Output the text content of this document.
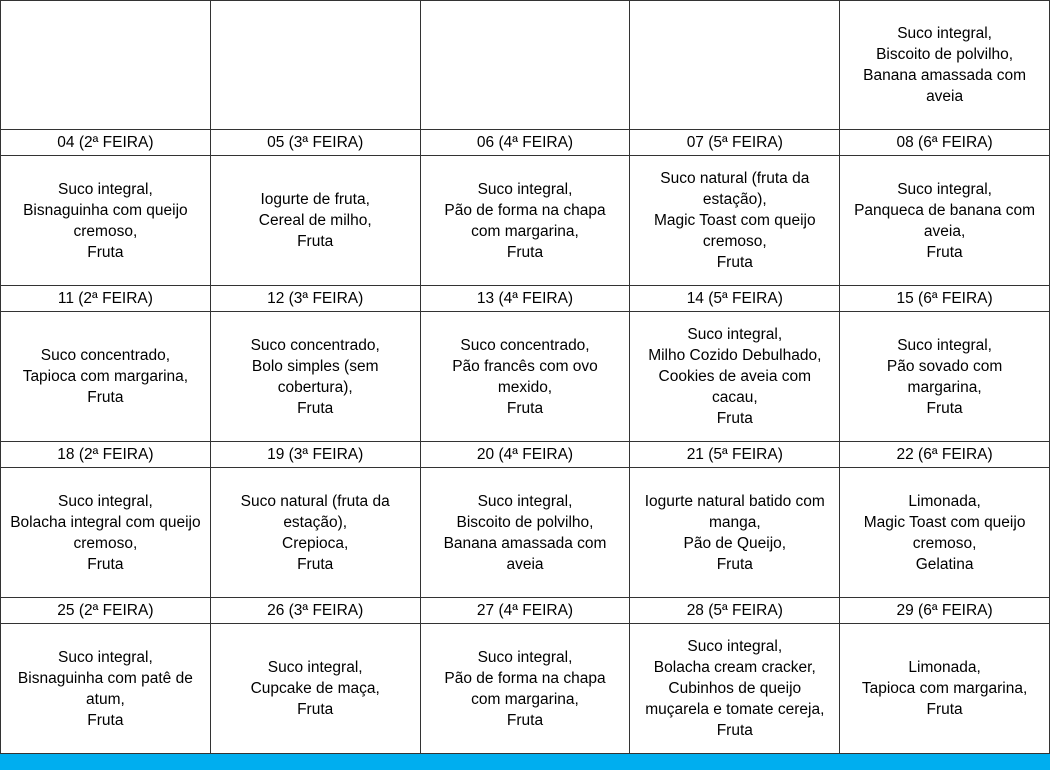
				Suco integral,
Biscoito de polvilho,
Banana amassada com
aveia

04 (2ª FEIRA)	05 (3ª FEIRA)	06 (4ª FEIRA)	07 (5ª FEIRA)	08 (6ª FEIRA)

Suco integral,
Bisnaguinha com queijo
cremoso,
Fruta	Iogurte de fruta,
Cereal de milho,
Fruta	Suco integral,
Pão de forma na chapa
com margarina,
Fruta	Suco natural (fruta da
estação),
Magic Toast com queijo
cremoso,
Fruta	Suco integral,
Panqueca de banana com
aveia,
Fruta

11 (2ª FEIRA)	12 (3ª FEIRA)	13 (4ª FEIRA)	14 (5ª FEIRA)	15 (6ª FEIRA)

Suco concentrado,
Tapioca com margarina,
Fruta	Suco concentrado,
Bolo simples (sem
cobertura),
Fruta	Suco concentrado,
Pão francês com ovo
mexido,
Fruta	Suco integral,
Milho Cozido Debulhado,
Cookies de aveia com
cacau,
Fruta	Suco integral,
Pão sovado com
margarina,
Fruta

18 (2ª FEIRA)	19 (3ª FEIRA)	20 (4ª FEIRA)	21 (5ª FEIRA)	22 (6ª FEIRA)

Suco integral,
Bolacha integral com queijo
cremoso,
Fruta	Suco natural (fruta da
estação),
Crepioca,
Fruta	Suco integral,
Biscoito de polvilho,
Banana amassada com
aveia	Iogurte natural batido com
manga,
Pão de Queijo,
Fruta	Limonada,
Magic Toast com queijo
cremoso,
Gelatina

25 (2ª FEIRA)	26 (3ª FEIRA)	27 (4ª FEIRA)	28 (5ª FEIRA)	29 (6ª FEIRA)

Suco integral,
Bisnaguinha com patê de
atum,
Fruta	Suco integral,
Cupcake de maça,
Fruta	Suco integral,
Pão de forma na chapa
com margarina,
Fruta	Suco integral,
Bolacha cream cracker,
Cubinhos de queijo
muçarela e tomate cereja,
Fruta	Limonada,
Tapioca com margarina,
Fruta
